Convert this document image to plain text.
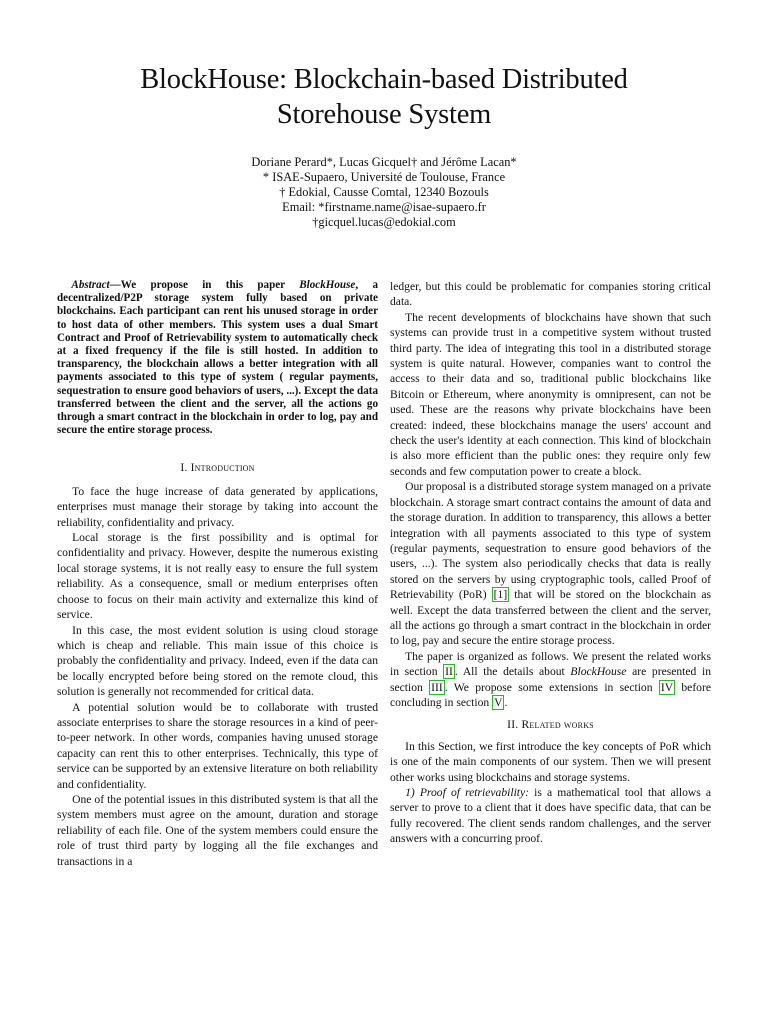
BlockHouse: Blockchain-based Distributed
Storehouse System
Doriane Perard*, Lucas Gicquel† and Jérôme Lacan*
* ISAE-Supaero, Université de Toulouse, France
† Edokial, Causse Comtal, 12340 Bozouls
Email: *firstname.name@isae-supaero.fr
†gicquel.lucas@edokial.com

Abstract—We propose in this paper BlockHouse, a decentralized/P2P storage system fully based on private blockchains. Each participant can rent his unused storage in order to host data of other members. This system uses a dual Smart Contract and Proof of Retrievability system to automatically check at a fixed frequency if the file is still hosted. In addition to transparency, the blockchain allows a better integration with all payments associated to this type of system ( regular payments, sequestration to ensure good behaviors of users, ...). Except the data transferred between the client and the server, all the actions go through a smart contract in the blockchain in order to log, pay and secure the entire storage process.

I. Introduction

To face the huge increase of data generated by applications, enterprises must manage their storage by taking into account the reliability, confidentiality and privacy.

Local storage is the first possibility and is optimal for confidentiality and privacy. However, despite the numerous existing local storage systems, it is not really easy to ensure the full system reliability. As a consequence, small or medium enterprises often choose to focus on their main activity and externalize this kind of service.

In this case, the most evident solution is using cloud storage which is cheap and reliable. This main issue of this choice is probably the confidentiality and privacy. Indeed, even if the data can be locally encrypted before being stored on the remote cloud, this solution is generally not recommended for critical data.

A potential solution would be to collaborate with trusted associate enterprises to share the storage resources in a kind of peer-to-peer network. In other words, companies having unused storage capacity can rent this to other enterprises. Technically, this type of service can be supported by an extensive literature on both reliability and confidentiality.

One of the potential issues in this distributed system is that all the system members must agree on the amount, duration and storage reliability of each file. One of the system members could ensure the role of trust third party by logging all the file exchanges and transactions in a

ledger, but this could be problematic for companies storing critical data.

The recent developments of blockchains have shown that such systems can provide trust in a competitive system without trusted third party. The idea of integrating this tool in a distributed storage system is quite natural. However, companies want to control the access to their data and so, traditional public blockchains like Bitcoin or Ethereum, where anonymity is omnipresent, can not be used. These are the reasons why private blockchains have been created: indeed, these blockchains manage the users' account and check the user's identity at each connection. This kind of blockchain is also more efficient than the public ones: they require only few seconds and few computation power to create a block.

Our proposal is a distributed storage system managed on a private blockchain. A storage smart contract contains the amount of data and the storage duration. In addition to transparency, this allows a better integration with all payments associated to this type of system (regular payments, sequestration to ensure good behaviors of the users, ...). The system also periodically checks that data is really stored on the servers by using cryptographic tools, called Proof of Retrievability (PoR) [1] that will be stored on the blockchain as well. Except the data transferred between the client and the server, all the actions go through a smart contract in the blockchain in order to log, pay and secure the entire storage process.

The paper is organized as follows. We present the related works in section II . All the details about BlockHouse are presented in section III . We propose some extensions in section IV before concluding in section V .

II. Related works

In this Section, we first introduce the key concepts of PoR which is one of the main components of our system. Then we will present other works using blockchains and storage systems.

1) Proof of retrievability: is a mathematical tool that allows a server to prove to a client that it does have specific data, that can be fully recovered. The client sends random challenges, and the server answers with a concurring proof.
